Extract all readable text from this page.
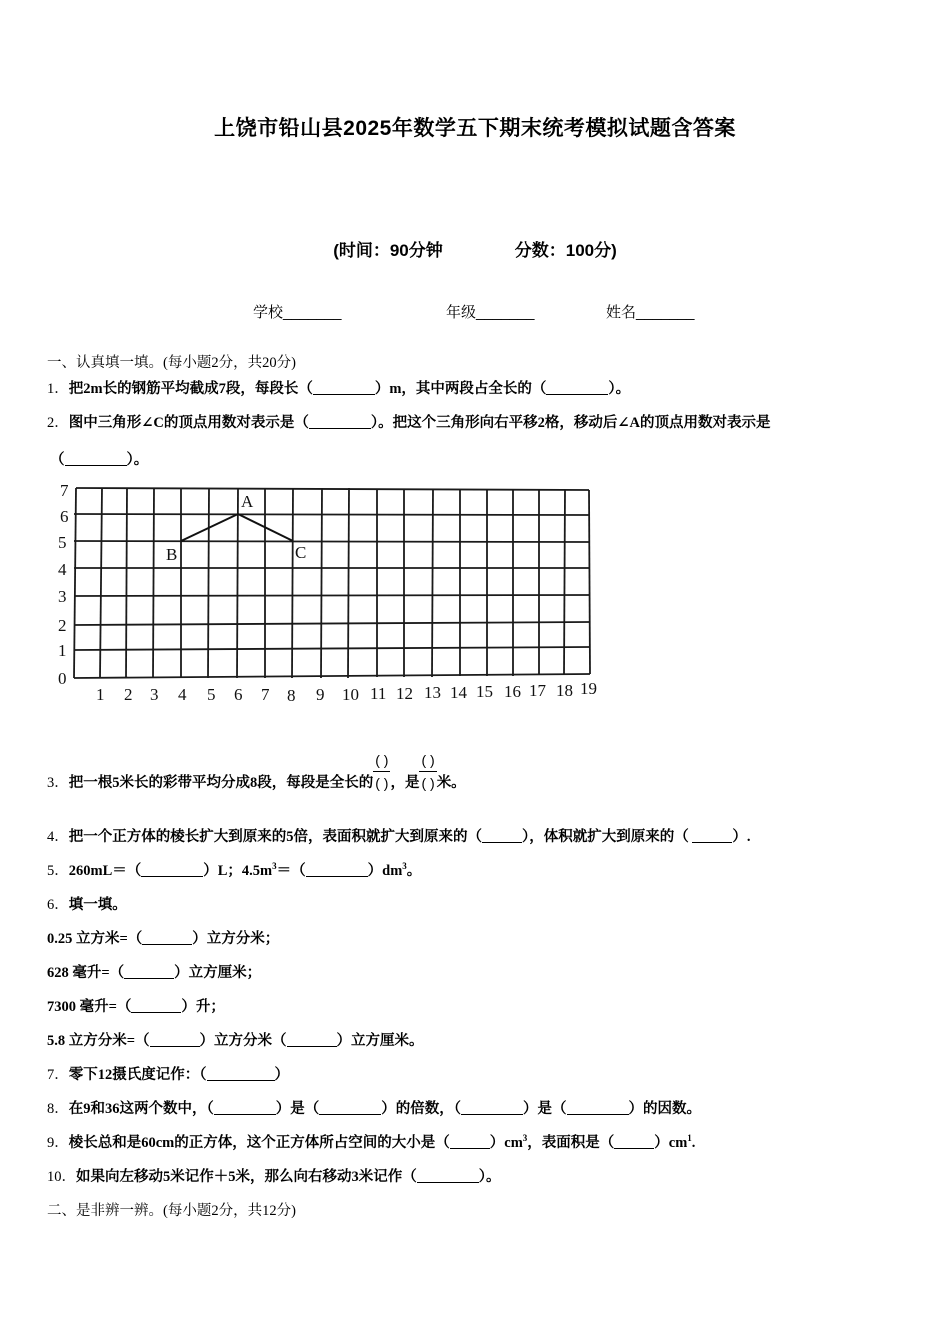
上饶市铅山县2025年数学五下期末统考模拟试题含答案
(时间：90分钟	分数：100分)
学校_______	年级_______	姓名_______
一、认真填一填。(每小题2分，共20分)
1．把2m长的钢筋平均截成7段，每段长（	）m，其中两段占全长的（	）。
2．图中三角形∠C的顶点用数对表示是（	）。把这个三角形向右平移2格，移动后∠A的顶点用数对表示是
（	）。
A
B	C
0
1
2
3
4
5
6
7
1 2 3 4 5 6 7 8 9 10 11 12 13 14 15 16 17 18 19
3．把一根5米长的彩带平均分成8段，每段是全长的 $\frac{( )}{( )}$ ，是 $\frac{( )}{( )}$ 米。
4．把一个正方体的棱长扩大到原来的5倍，表面积就扩大到原来的（	），体积就扩大到原来的（	）.
5．260mL＝（	）L；$4.5m^3=$（	）$dm^3$。
6．填一填。
0.25 立方米=（	）立方分米；
628 毫升=（	）立方厘米；
7300 毫升=（	）升；
5.8 立方分米=（	）立方分米（	）立方厘米。
7．零下12摄氏度记作：（	）
8．在9和36这两个数中，（	）是（	）的倍数，（	）是（	）的因数。
9．棱长总和是60cm的正方体，这个正方体所占空间的大小是（	）$cm^3$，表面积是（	）$cm^1$.
10．如果向左移动5米记作＋5米，那么向右移动3米记作（	）。
二、是非辨一辨。(每小题2分，共12分)
